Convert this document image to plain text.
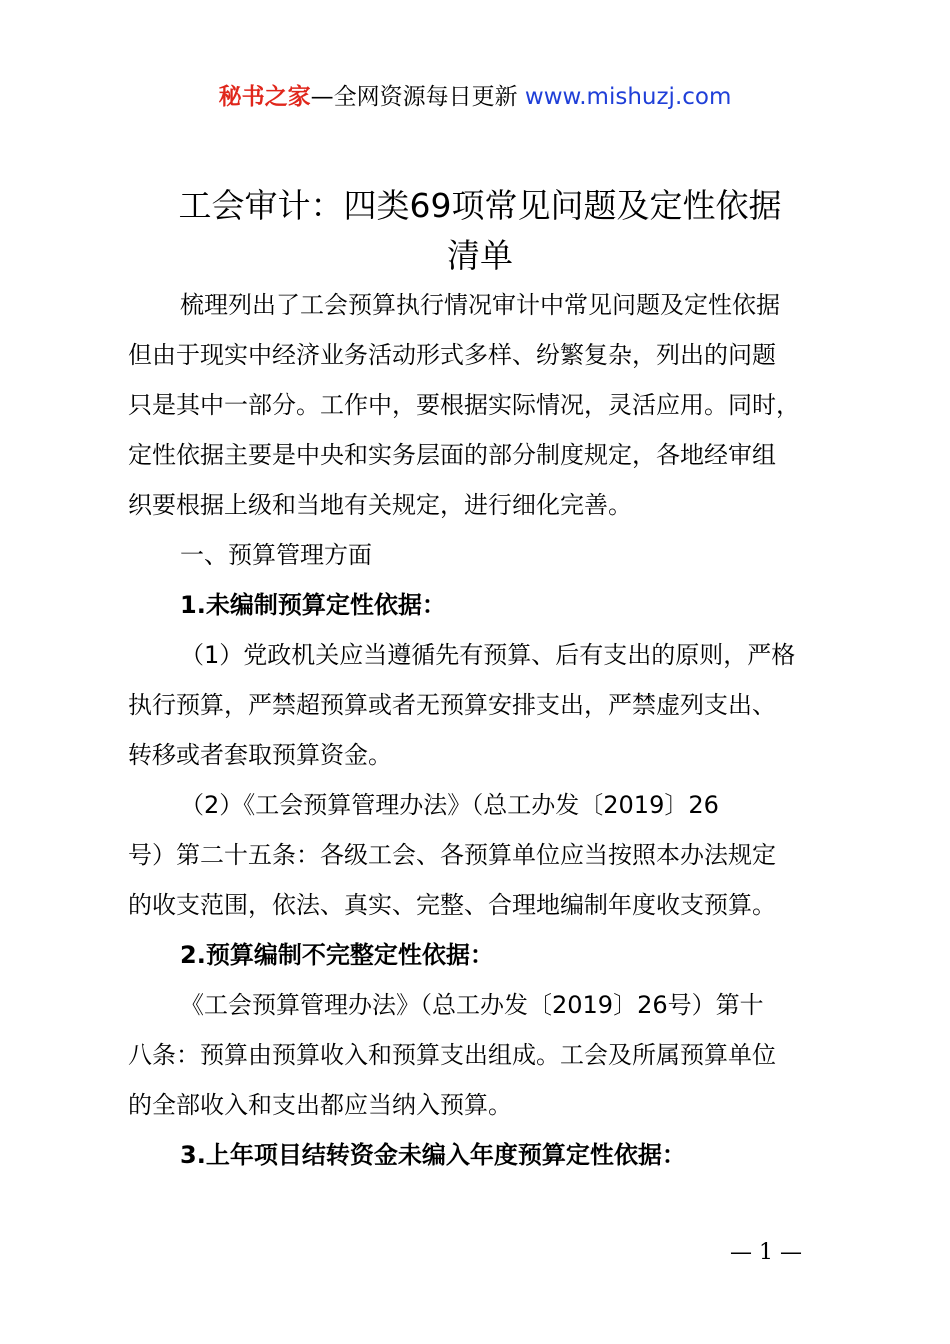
秘书之家—全网资源每日更新 www.mishuzj.com
工会审计：四类69项常见问题及定性依据
清单
梳理列出了工会预算执行情况审计中常见问题及定性依据
但由于现实中经济业务活动形式多样、纷繁复杂，列出的问题
只是其中一部分。工作中，要根据实际情况，灵活应用。同时，
定性依据主要是中央和实务层面的部分制度规定，各地经审组
织要根据上级和当地有关规定，进行细化完善。
一、预算管理方面
1.未编制预算定性依据：
（1）党政机关应当遵循先有预算、后有支出的原则，严格
执行预算，严禁超预算或者无预算安排支出，严禁虚列支出、
转移或者套取预算资金。
（2）《工会预算管理办法》（总工办发〔2019〕26
号）第二十五条：各级工会、各预算单位应当按照本办法规定
的收支范围，依法、真实、完整、合理地编制年度收支预算。
2.预算编制不完整定性依据：
《工会预算管理办法》（总工办发〔2019〕26号）第十
八条：预算由预算收入和预算支出组成。工会及所属预算单位
的全部收入和支出都应当纳入预算。
3.上年项目结转资金未编入年度预算定性依据：
— 1 —
